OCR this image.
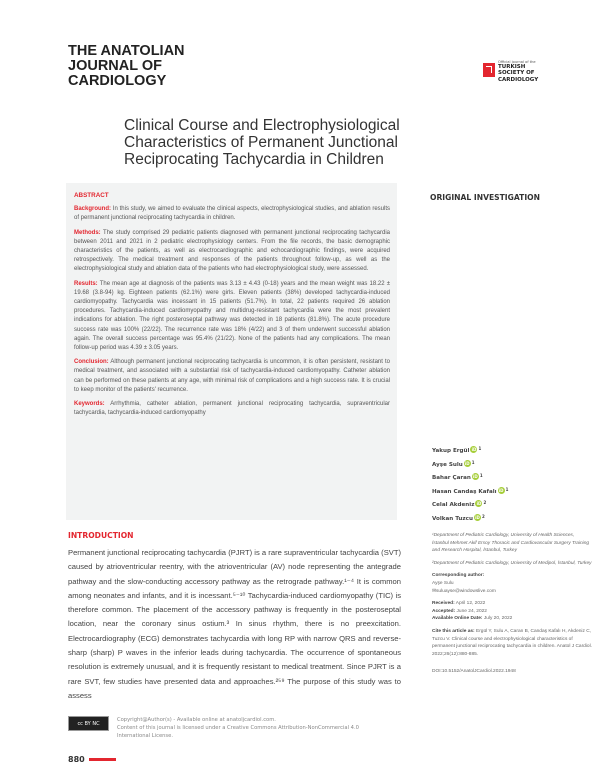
THE ANATOLIAN
JOURNAL OF
CARDIOLOGY
Official journal of the
TURKISH
SOCIETY OF
CARDIOLOGY
Clinical Course and Electrophysiological Characteristics of Permanent Junctional Reciprocating Tachycardia in Children
ABSTRACT

Background: In this study, we aimed to evaluate the clinical aspects, electrophysiological studies, and ablation results of permanent junctional reciprocating tachycardia in children.

Methods: The study comprised 29 pediatric patients diagnosed with permanent junctional reciprocating tachycardia between 2011 and 2021 in 2 pediatric electrophysiology centers. From the file records, the basic demographic characteristics of the patients, as well as electrocardiographic and echocardiographic findings, were acquired retrospectively. The medical treatment and responses of the patients throughout follow-up, as well as the electrophysiological study and ablation data of the patients who had electrophysiological study, were assessed.

Results: The mean age at diagnosis of the patients was 3.13 ± 4.43 (0-18) years and the mean weight was 18.22 ± 19.68 (3.8-94) kg. Eighteen patients (62.1%) were girls. Eleven patients (38%) developed tachycardia-induced cardiomyopathy. Tachycardia was incessant in 15 patients (51.7%). In total, 22 patients required 26 ablation procedures. Tachycardia-induced cardiomyopathy and multidrug-resistant tachycardia were the most prevalent indications for ablation. The right posteroseptal pathway was detected in 18 patients (81.8%). The acute procedure success rate was 100% (22/22). The recurrence rate was 18% (4/22) and 3 of them underwent successful ablation again. The overall success percentage was 95.4% (21/22). None of the patients had any complications. The mean follow-up period was 4.39 ± 3.05 years.

Conclusion: Although permanent junctional reciprocating tachycardia is uncommon, it is often persistent, resistant to medical treatment, and associated with a substantial risk of tachycardia-induced cardiomyopathy. Catheter ablation can be performed on these patients at any age, with minimal risk of complications and a high success rate. It is crucial to keep monitor of the patients' recurrence.

Keywords: Arrhythmia, catheter ablation, permanent junctional reciprocating tachycardia, supraventricular tachycardia, tachycardia-induced cardiomyopathy

ORIGINAL INVESTIGATION
Yakup Ergül iD 1
Ayşe Sulu iD 1
Bahar Çaran iD 1
Hasan Candaş Kafalı iD 1
Celal Akdeniz iD 2
Volkan Tuzcu iD 2
¹Department of Pediatric Cardiology, University of Health Sciences, İstanbul Mehmet Akif Ersoy Thoracic and Cardiovascular Surgery Training and Research Hospital, İstanbul, Turkey
²Department of Pediatric Cardiology, University of Medipol, İstanbul, Turkey

Corresponding author:
Ayşe Sulu
✉suluayse@windowslive.com

Received: April 12, 2022
Accepted: June 24, 2022
Available Online Date: July 20, 2022

Cite this article as: Ergül Y, Sulu A, Caran B, Candaş Kafalı H, Akdeniz C, Tuzcu V. Clinical course and electrophysiological characteristics of permanent junctional reciprocating tachycardia in children. Anatol J Cardiol. 2022;26(12):880-885.

DOI:10.5152/AnatolJCardiol.2022.1948

INTRODUCTION
Permanent junctional reciprocating tachycardia (PJRT) is a rare supraventricular tachycardia (SVT) caused by atrioventricular reentry, with the atrioventricular (AV) node representing the antegrade pathway and the slow-conducting accessory pathway as the retrograde pathway.¹⁻⁴ It is common among neonates and infants, and it is incessant.⁵⁻¹⁰ Tachycardia-induced cardiomyopathy (TIC) is therefore common. The placement of the accessory pathway is frequently in the posteroseptal location, near the coronary sinus ostium.³ In sinus rhythm, there is no preexcitation. Electrocardiography (ECG) demonstrates tachycardia with long RP with narrow QRS and reverse-sharp (sharp) P waves in the inferior leads during tachycardia. The occurrence of spontaneous resolution is extremely unusual, and it is frequently resistant to medical treatment. Since PJRT is a rare SVT, few studies have presented data and approaches.²⁵⁹ The purpose of this study was to assess
cc BY NC
Copyright@Author(s) - Available online at anatoljcardiol.com.
Content of this journal is licensed under a Creative Commons Attribution-NonCommercial 4.0 International License.
880
